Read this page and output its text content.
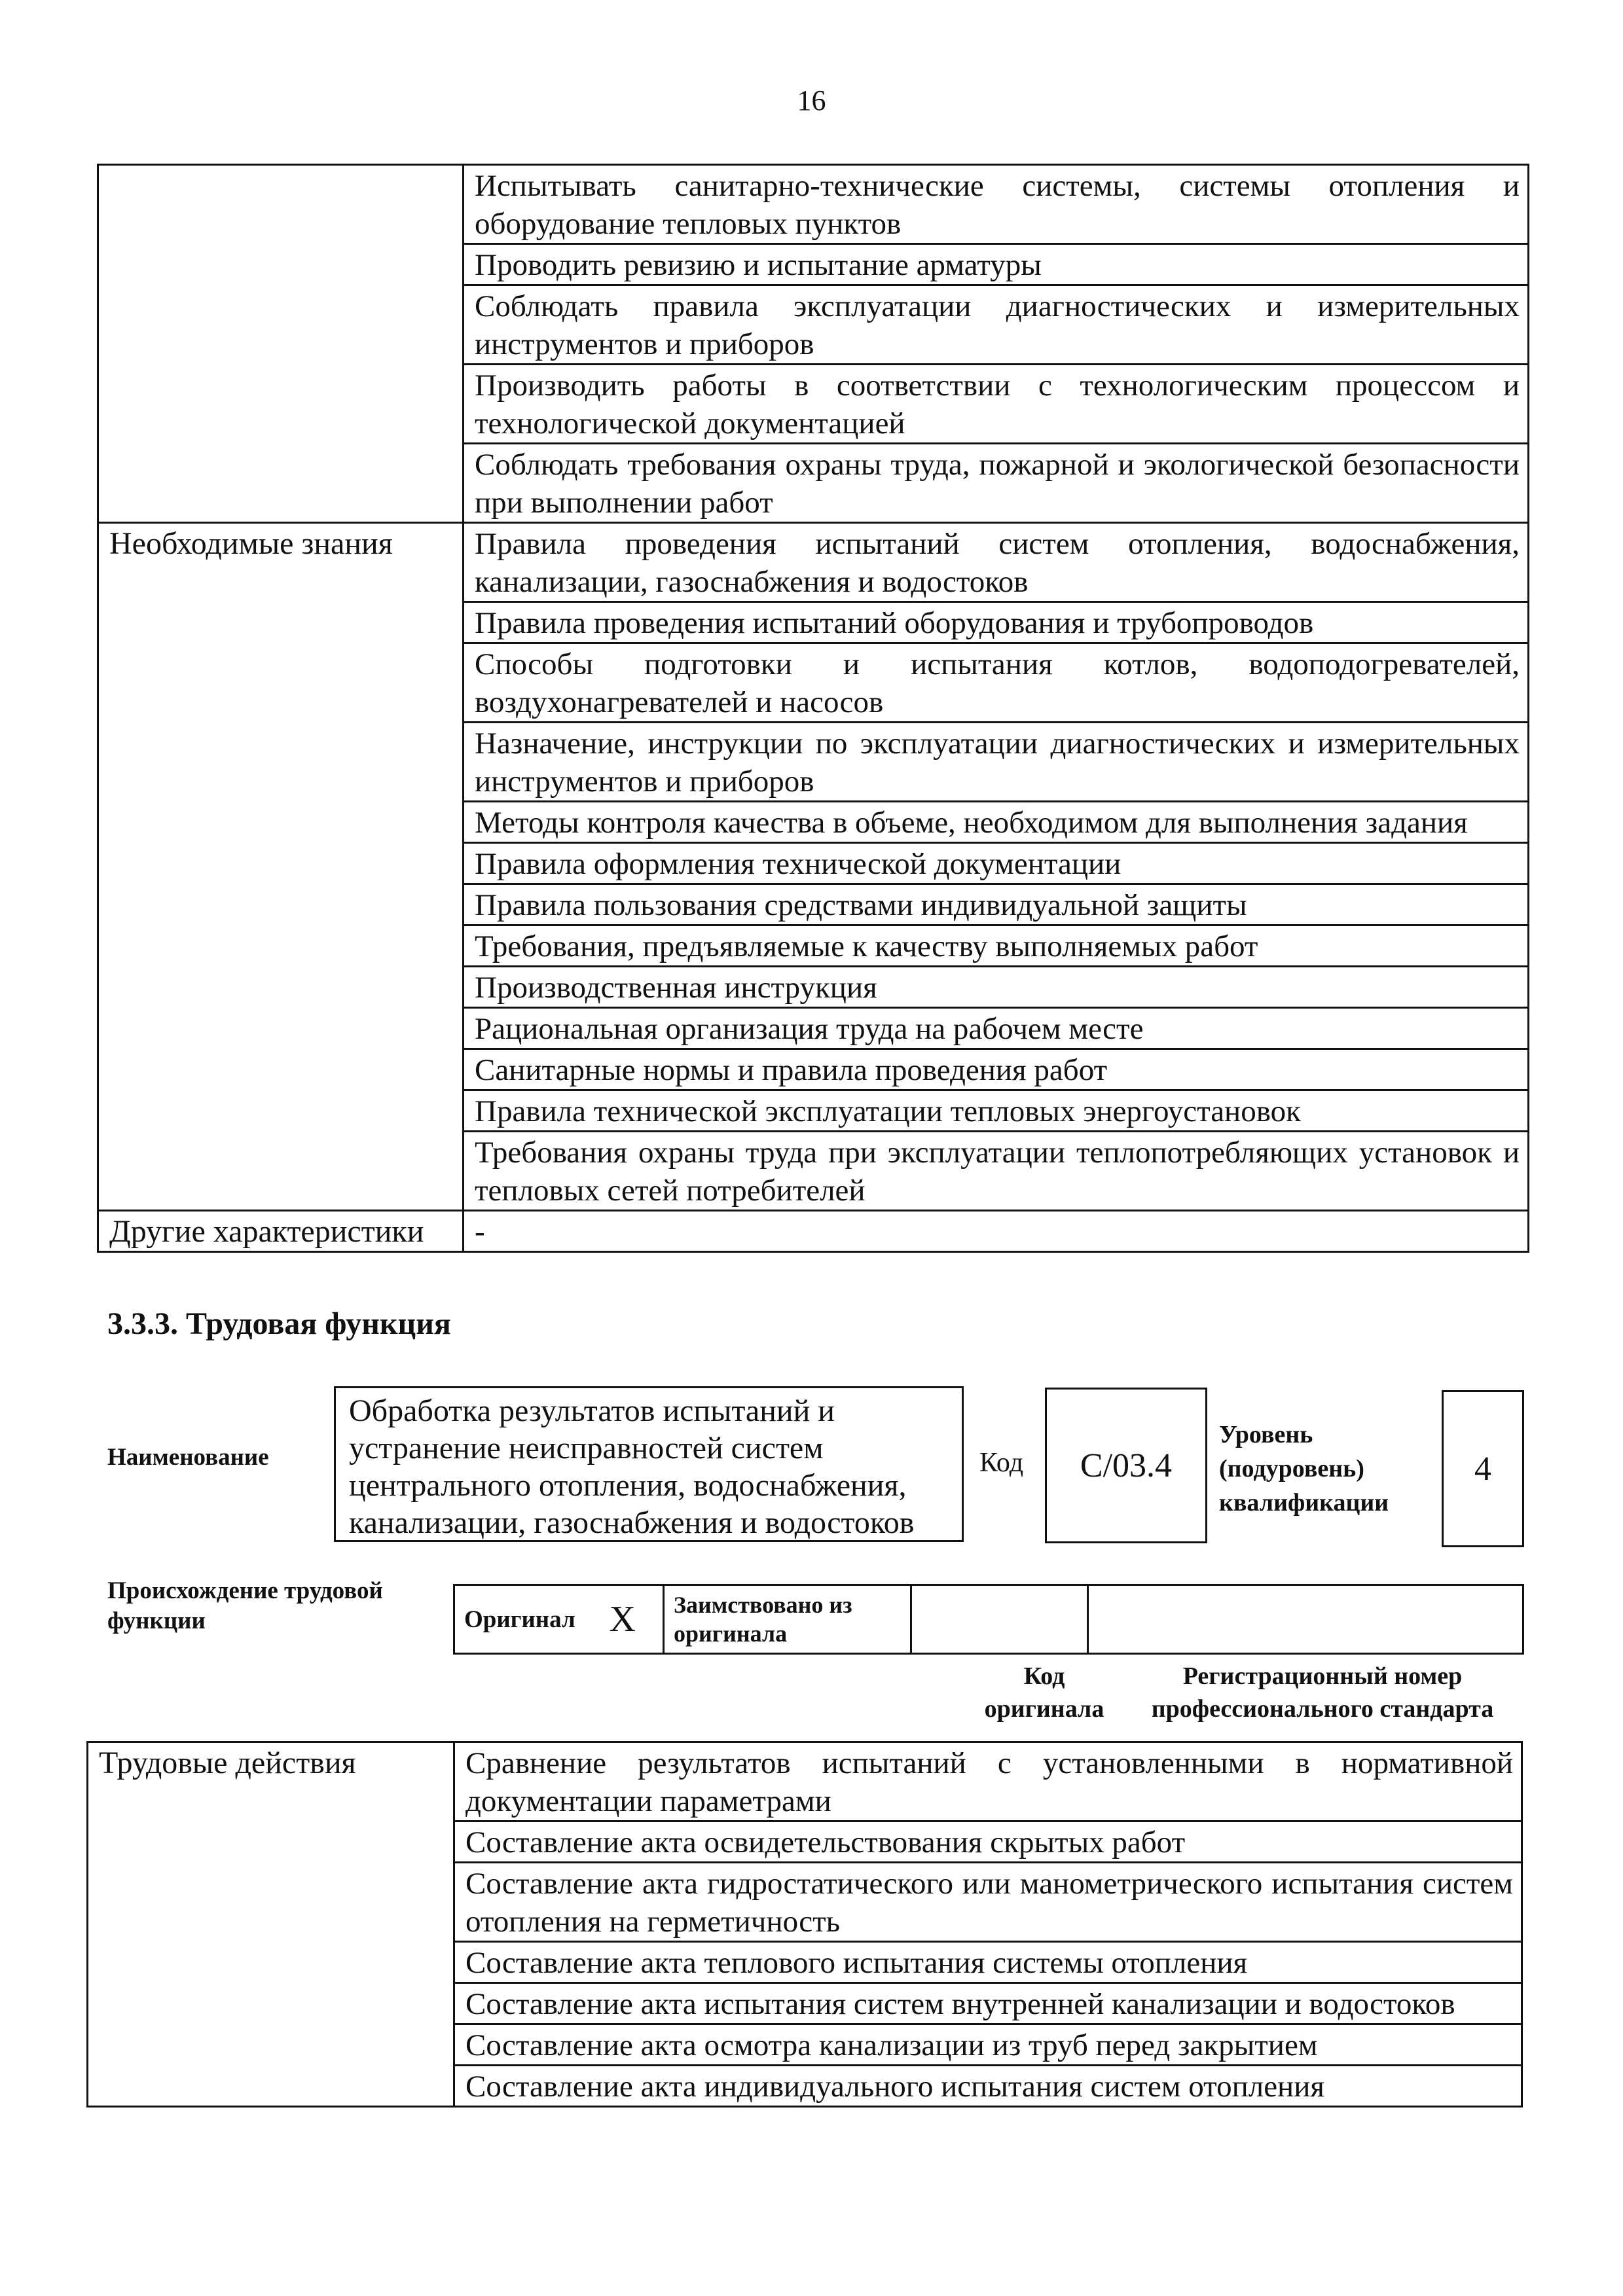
16
	Испытывать санитарно-технические системы, системы отопления и оборудование тепловых пунктов
	Проводить ревизию и испытание арматуры
	Соблюдать правила эксплуатации диагностических и измерительных инструментов и приборов
	Производить работы в соответствии с технологическим процессом и технологической документацией
	Соблюдать требования охраны труда, пожарной и экологической безопасности при выполнении работ
Необходимые знания	Правила проведения испытаний систем отопления, водоснабжения, канализации, газоснабжения и водостоков
	Правила проведения испытаний оборудования и трубопроводов
	Способы подготовки и испытания котлов, водоподогревателей, воздухонагревателей и насосов
	Назначение, инструкции по эксплуатации диагностических и измерительных инструментов и приборов
	Методы контроля качества в объеме, необходимом для выполнения задания
	Правила оформления технической документации
	Правила пользования средствами индивидуальной защиты
	Требования, предъявляемые к качеству выполняемых работ
	Производственная инструкция
	Рациональная организация труда на рабочем месте
	Санитарные нормы и правила проведения работ
	Правила технической эксплуатации тепловых энергоустановок
	Требования охраны труда при эксплуатации теплопотребляющих установок и тепловых сетей потребителей
Другие характеристики	-
3.3.3. Трудовая функция
Наименование
Обработка результатов испытаний и устранение неисправностей систем центрального отопления, водоснабжения, канализации, газоснабжения и водостоков
Код	C/03.4
Уровень (подуровень) квалификации
4
Происхождение трудовой функции	Оригинал	X	Заимствовано из оригинала		
Код оригинала
Регистрационный номер профессионального стандарта
Трудовые действия	Сравнение результатов испытаний с установленными в нормативной документации параметрами
Составление акта освидетельствования скрытых работ
Составление акта гидростатического или манометрического испытания систем отопления на герметичность
Составление акта теплового испытания системы отопления
Составление акта испытания систем внутренней канализации и водостоков
Составление акта осмотра канализации из труб перед закрытием
Составление акта индивидуального испытания систем отопления
